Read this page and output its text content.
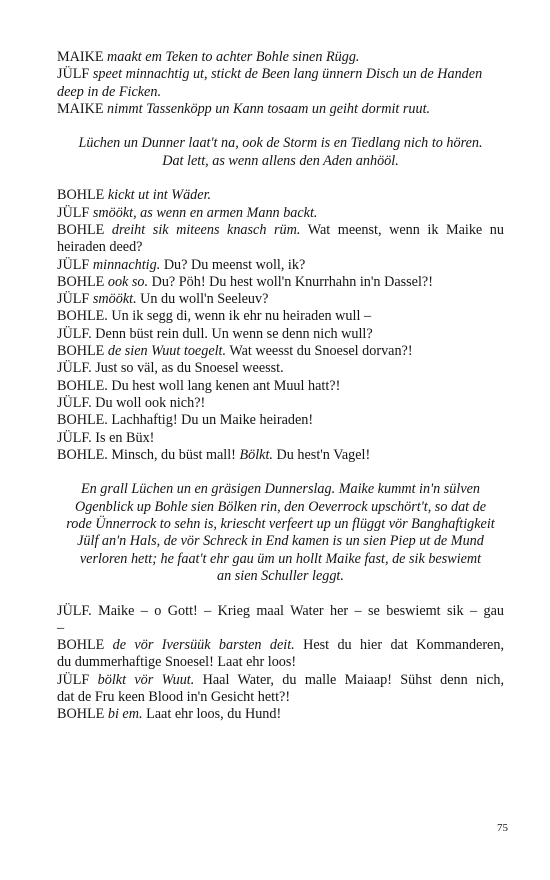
MAIKE maakt em Teken to achter Bohle sinen Rügg.
JÜLF speet minnachtig ut, stickt de Been lang ünnern Disch un de Handen
deep in de Ficken.
MAIKE nimmt Tassenköpp un Kann tosaam un geiht dormit ruut.
Lüchen un Dunner laat't na, ook de Storm is en Tiedlang nich to hören.
Dat lett, as wenn allens den Aden anhööl.
BOHLE kickt ut int Wäder.
JÜLF smöökt, as wenn en armen Mann backt.
BOHLE dreiht sik miteens knasch rüm. Wat meenst, wenn ik Maike nu
heiraden deed?
JÜLF minnachtig. Du? Du meenst woll, ik?
BOHLE ook so. Du? Pöh! Du hest woll'n Knurrhahn in'n Dassel?!
JÜLF smöökt. Un du woll'n Seeleuv?
BOHLE. Un ik segg di, wenn ik ehr nu heiraden wull –
JÜLF. Denn büst rein dull. Un wenn se denn nich wull?
BOHLE de sien Wuut toegelt. Wat weesst du Snoesel dorvan?!
JÜLF. Just so väl, as du Snoesel weesst.
BOHLE. Du hest woll lang kenen ant Muul hatt?!
JÜLF. Du woll ook nich?!
BOHLE. Lachhaftig! Du un Maike heiraden!
JÜLF. Is en Büx!
BOHLE. Minsch, du büst mall! Bölkt. Du hest'n Vagel!
En grall Lüchen un en gräsigen Dunnerslag. Maike kummt in'n sülven
Ogenblick up Bohle sien Bölken rin, den Oeverrock upschört't, so dat de
rode Ünnerrock to sehn is, kriescht verfeert up un flüggt vör Banghaftigkeit
Jülf an'n Hals, de vör Schreck in End kamen is un sien Piep ut de Mund
verloren hett; he faat't ehr gau üm un hollt Maike fast, de sik beswiemt
an sien Schuller leggt.
JÜLF. Maike – o Gott! – Krieg maal Water her – se beswiemt sik – gau
–
BOHLE de vör Iversüük barsten deit. Hest du hier dat Kommanderen,
du dummerhaftige Snoesel! Laat ehr loos!
JÜLF bölkt vör Wuut. Haal Water, du malle Maiaap! Sühst denn nich,
dat de Fru keen Blood in'n Gesicht hett?!
BOHLE bi em. Laat ehr loos, du Hund!
75
